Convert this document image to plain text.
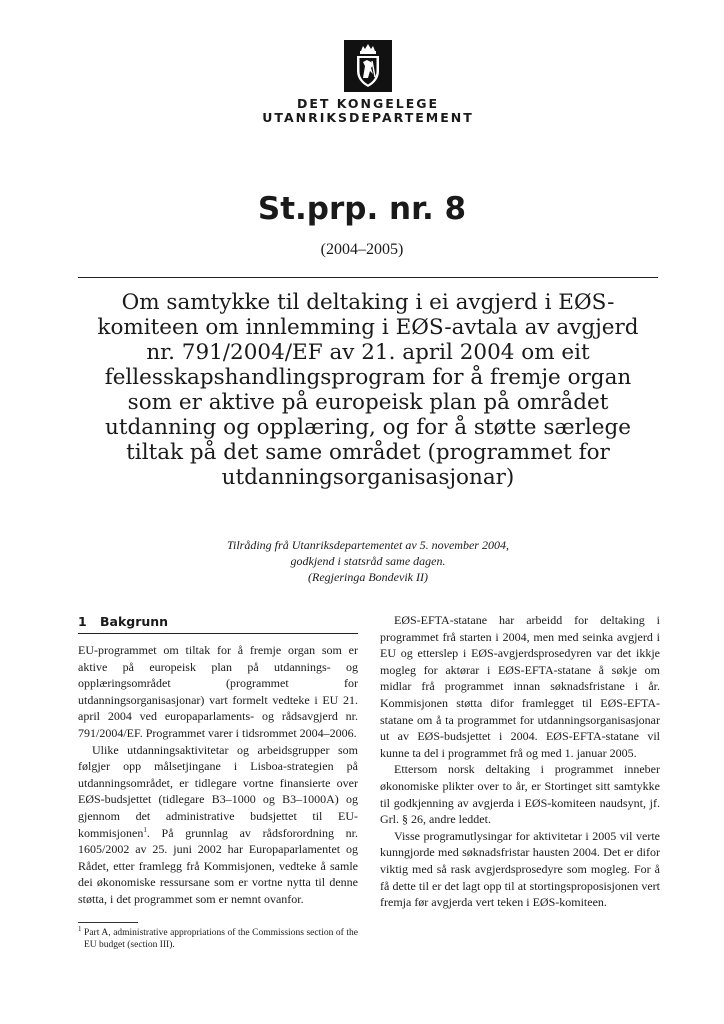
DET KONGELEGE
UTANRIKSDEPARTEMENT
St.prp. nr. 8
(2004–2005)
Om samtykke til deltaking i ei avgjerd i EØS-
komiteen om innlemming i EØS-avtala av avgjerd
nr. 791/2004/EF av 21. april 2004 om eit
fellesskapshandlingsprogram for å fremje organ
som er aktive på europeisk plan på området
utdanning og opplæring, og for å støtte særlege
tiltak på det same området (programmet for
utdanningsorganisasjonar)
Tilråding frå Utanriksdepartementet av 5. november 2004,
godkjend i statsråd same dagen.
(Regjeringa Bondevik II)
1 Bakgrunn

EU-programmet om tiltak for å fremje organ som er aktive på europeisk plan på utdannings- og opplæringsområdet (programmet for utdanningsorganisasjonar) vart formelt vedteke i EU 21. april 2004 ved europaparlaments- og rådsavgjerd nr. 791/2004/EF. Programmet varer i tidsrommet 2004–2006.

Ulike utdanningsaktivitetar og arbeidsgrupper som følgjer opp målsetjingane i Lisboa-strategien på utdanningsområdet, er tidlegare vortne finansierte over EØS-budsjettet (tidlegare B3–1000 og B3–1000A) og gjennom det administrative budsjettet til EU-kommisjonen$^1$. På grunnlag av rådsforordning nr. 1605/2002 av 25. juni 2002 har Europaparlamentet og Rådet, etter framlegg frå Kommisjonen, vedteke å samle dei økonomiske ressursane som er vortne nytta til denne støtta, i det programmet som er nemnt ovanfor.

EØS-EFTA-statane har arbeidd for deltaking i programmet frå starten i 2004, men med seinka avgjerd i EU og etterslep i EØS-avgjerdsprosedyren var det ikkje mogleg for aktørar i EØS-EFTA-statane å søkje om midlar frå programmet innan søknadsfristane i år. Kommisjonen støtta difor framlegget til EØS-EFTA-statane om å ta programmet for utdanningsorganisasjonar ut av EØS-budsjettet i 2004. EØS-EFTA-statane vil kunne ta del i programmet frå og med 1. januar 2005.

Ettersom norsk deltaking i programmet inneber økonomiske plikter over to år, er Stortinget sitt samtykke til godkjenning av avgjerda i EØS-komiteen naudsynt, jf. Grl. § 26, andre leddet.

Visse programutlysingar for aktivitetar i 2005 vil verte kunngjorde med søknadsfristar hausten 2004. Det er difor viktig med så rask avgjerdsprosedyre som mogleg. For å få dette til er det lagt opp til at stortingsproposisjonen vert fremja før avgjerda vert teken i EØS-komiteen.

$^1$ Part A, administrative appropriations of the Commissions section of the EU budget (section III).
